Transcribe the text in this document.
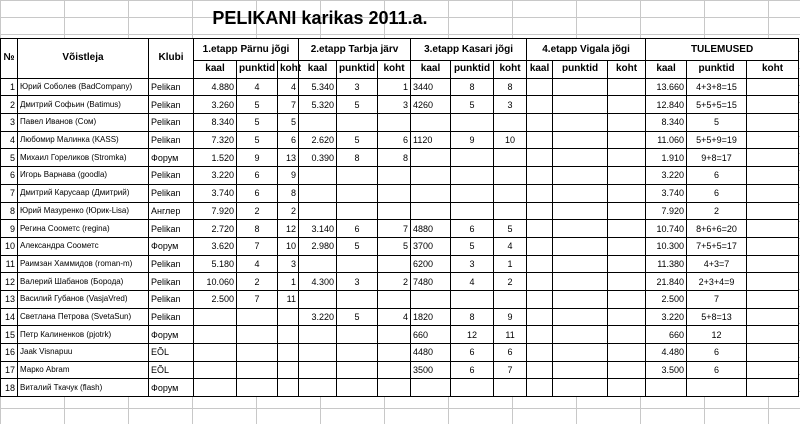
PELIKANI karikas 2011.a.
№	Võistleja	Klubi	1.etapp Pärnu jõgi			2.etapp Tarbja järv			3.etapp Kasari jõgi			4.etapp Vigala jõgi			TULEMUSED		
			kaal	punktid	koht	kaal	punktid	koht	kaal	punktid	koht	kaal	punktid	koht	kaal	punktid	koht
1	Юрий Соболев (BadCompany)	Pelikan	4.880	4	4	5.340	3	1	3440	8	8				13.660	4+3+8=15	
2	Дмитрий Софьин (Batimus)	Pelikan	3.260	5	7	5.320	5	3	4260	5	3				12.840	5+5+5=15	
3	Павел Иванов (Сом)	Pelikan	8.340	5	5										8.340	5	
4	Любомир Малинка (KASS)	Pelikan	7.320	5	6	2.620	5	6	1120	9	10				11.060	5+5+9=19	
5	Михаил Гореликов (Stromka)	Форум	1.520	9	13	0.390	8	8							1.910	9+8=17	
6	Игорь Варнава (goodla)	Pelikan	3.220	6	9										3.220	6	
7	Дмитрий Карусаар (Дмитрий)	Pelikan	3.740	6	8										3.740	6	
8	Юрий Мазуренко (Юрик-Lisa)	Англер	7.920	2	2										7.920	2	
9	Регина Соометс (regina)	Pelikan	2.720	8	12	3.140	6	7	4880	6	5				10.740	8+6+6=20	
10	Александра Соометс	Форум	3.620	7	10	2.980	5	5	3700	5	4				10.300	7+5+5=17	
11	Раимзан Хаммидов (roman-m)	Pelikan	5.180	4	3				6200	3	1				11.380	4+3=7	
12	Валерий Шабанов (Борода)	Pelikan	10.060	2	1	4.300	3	2	7480	4	2				21.840	2+3+4=9	
13	Василий Губанов (VasjaVred)	Pelikan	2.500	7	11										2.500	7	
14	Светлана Петрова (SvetaSun)	Pelikan				3.220	5	4	1820	8	9				3.220	5+8=13	
15	Петр Калиненков (pjotrk)	Форум							660	12	11				660	12	
16	Jaak Visnapuu	EÕL							4480	6	6				4.480	6	
17	Марко Abram	EÕL							3500	6	7				3.500	6	
18	Виталий Ткачук (flash)	Форум															
